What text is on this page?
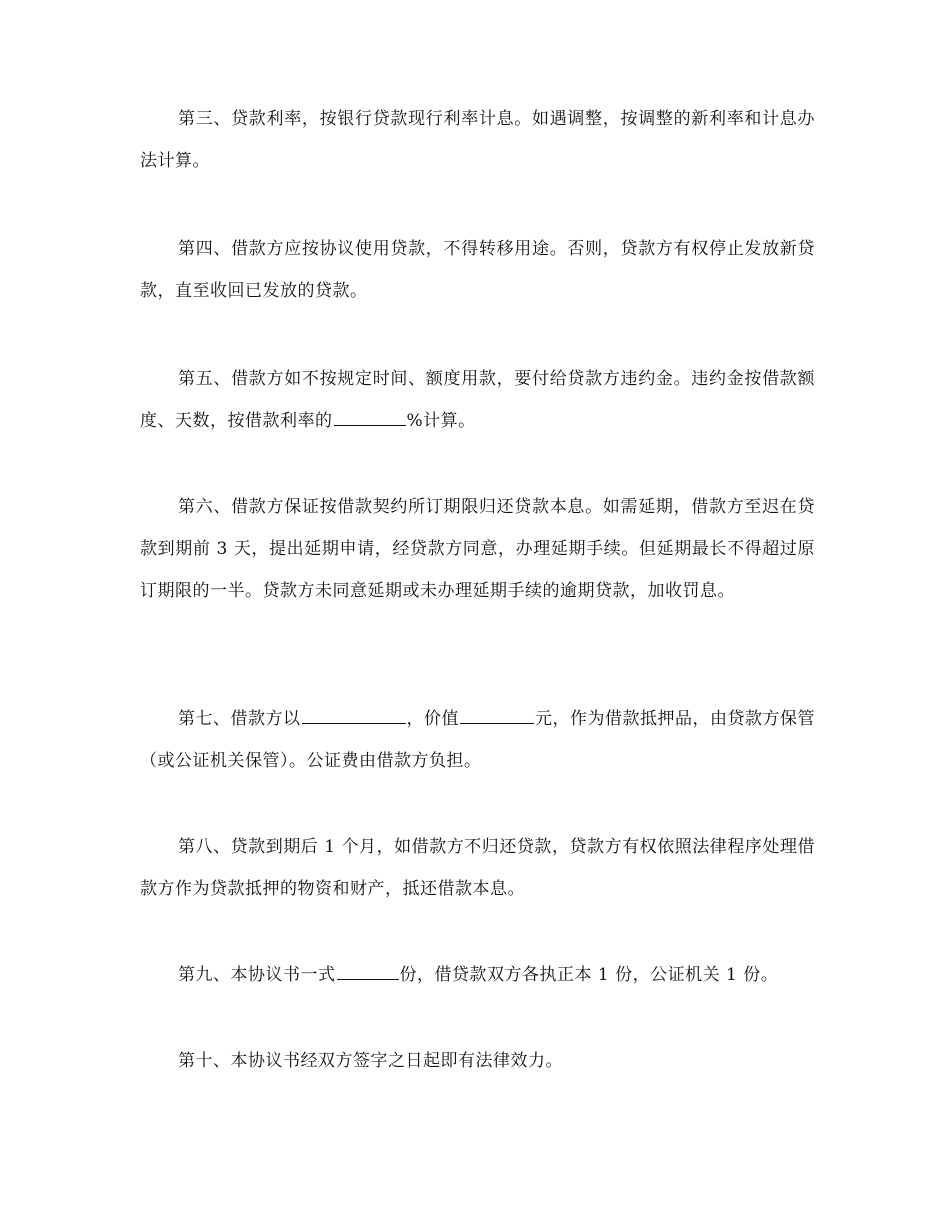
第三、贷款利率，按银行贷款现行利率计息。如遇调整，按调整的新利率和计息办法计算。

第四、借款方应按协议使用贷款，不得转移用途。否则，贷款方有权停止发放新贷款，直至收回已发放的贷款。

第五、借款方如不按规定时间、额度用款，要付给贷款方违约金。违约金按借款额度、天数，按借款利率的	%计算。

第六、借款方保证按借款契约所订期限归还贷款本息。如需延期，借款方至迟在贷款到期前 3 天，提出延期申请，经贷款方同意，办理延期手续。但延期最长不得超过原订期限的一半。贷款方未同意延期或未办理延期手续的逾期贷款，加收罚息。

第七、借款方以	，价值	元，作为借款抵押品，由贷款方保管（或公证机关保管）。公证费由借款方负担。

第八、贷款到期后 1 个月，如借款方不归还贷款，贷款方有权依照法律程序处理借款方作为贷款抵押的物资和财产，抵还借款本息。

第九、本协议书一式	份，借贷款双方各执正本 1 份，公证机关 1 份。

第十、本协议书经双方签字之日起即有法律效力。
